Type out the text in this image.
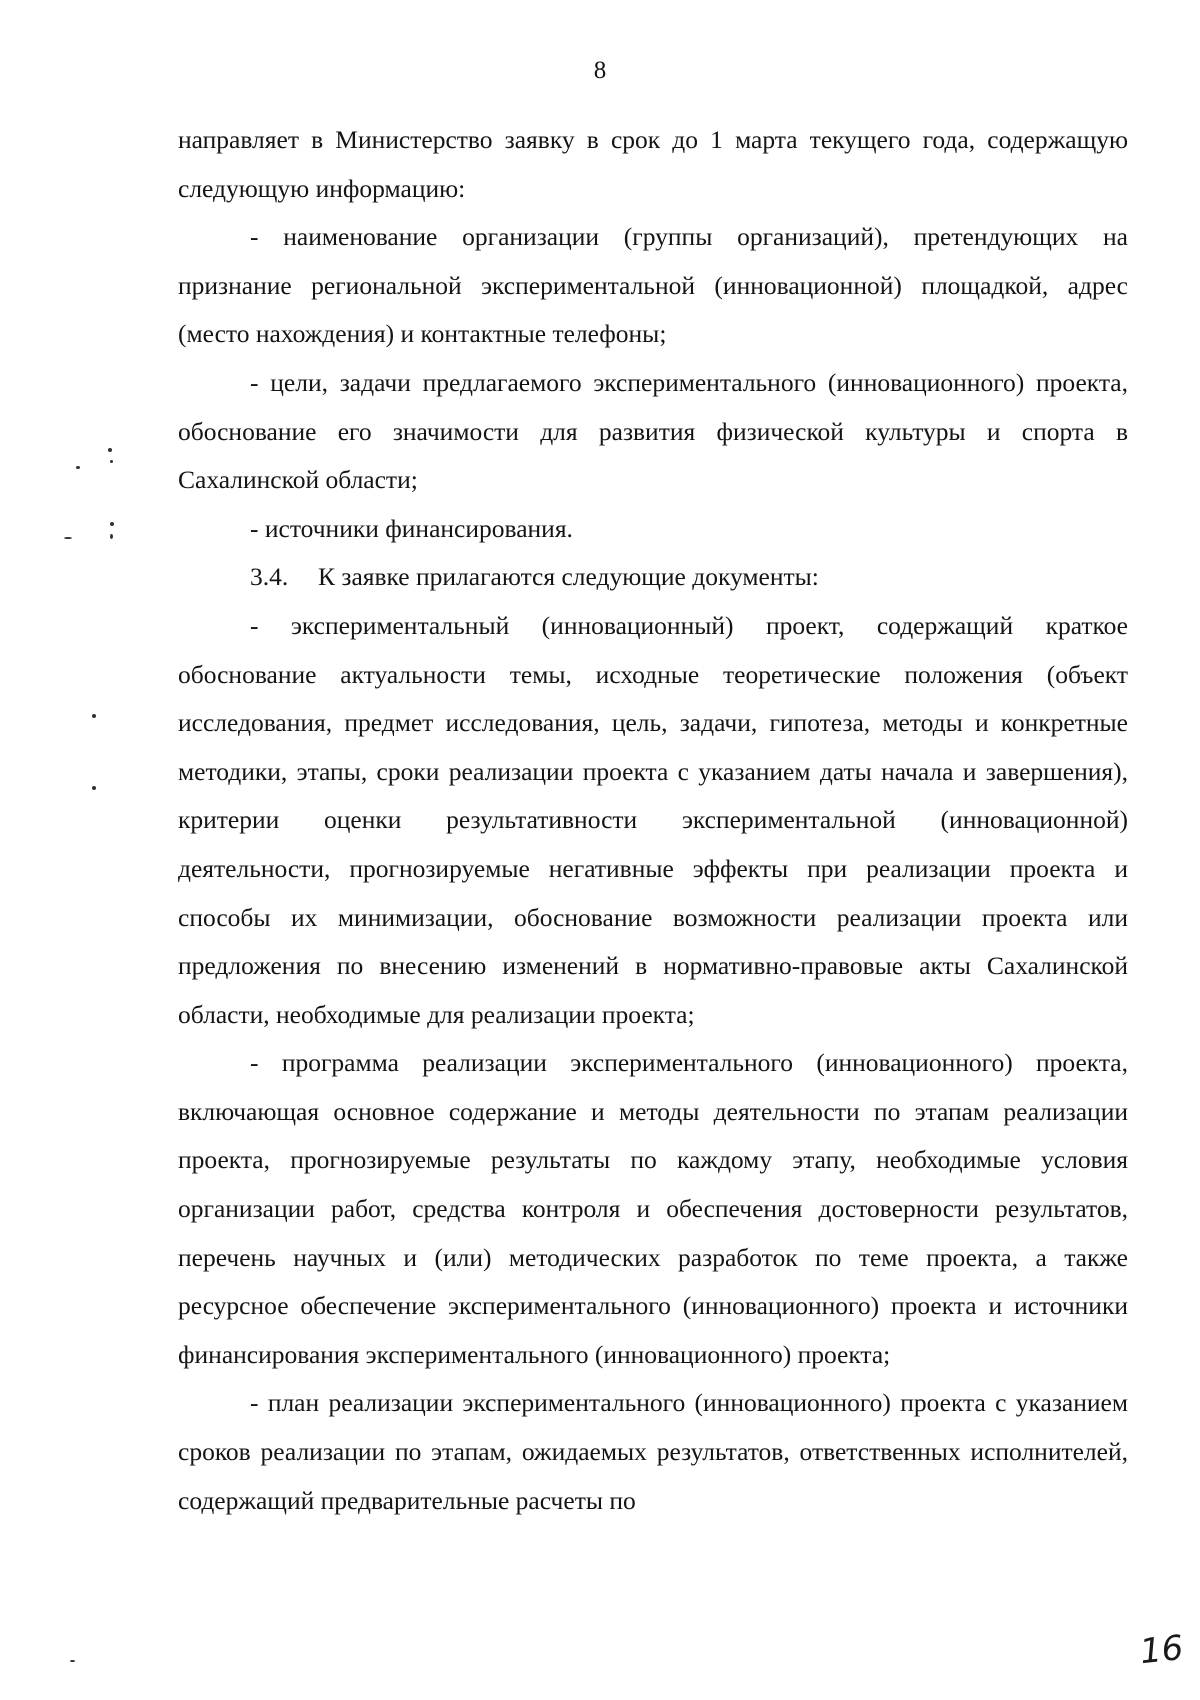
8

направляет в Министерство заявку в срок до 1 марта текущего года, содержащую следующую информацию:

- наименование организации (группы организаций), претендующих на признание региональной экспериментальной (инновационной) площадкой, адрес (место нахождения) и контактные телефоны;

- цели, задачи предлагаемого экспериментального (инновационного) проекта, обоснование его значимости для развития физической культуры и спорта в Сахалинской области;

- источники финансирования.

3.4. К заявке прилагаются следующие документы:

- экспериментальный (инновационный) проект, содержащий краткое обоснование актуальности темы, исходные теоретические положения (объект исследования, предмет исследования, цель, задачи, гипотеза, методы и конкретные методики, этапы, сроки реализации проекта с указанием даты начала и завершения), критерии оценки результативности экспериментальной (инновационной) деятельности, прогнозируемые негативные эффекты при реализации проекта и способы их минимизации, обоснование возможности реализации проекта или предложения по внесению изменений в нормативно-правовые акты Сахалинской области, необходимые для реализации проекта;

- программа реализации экспериментального (инновационного) проекта, включающая основное содержание и методы деятельности по этапам реализации проекта, прогнозируемые результаты по каждому этапу, необходимые условия организации работ, средства контроля и обеспечения достоверности результатов, перечень научных и (или) методических разработок по теме проекта, а также ресурсное обеспечение экспериментального (инновационного) проекта и источники финансирования экспериментального (инновационного) проекта;

- план реализации экспериментального (инновационного) проекта с указанием сроков реализации по этапам, ожидаемых результатов, ответственных исполнителей, содержащий предварительные расчеты по

16
